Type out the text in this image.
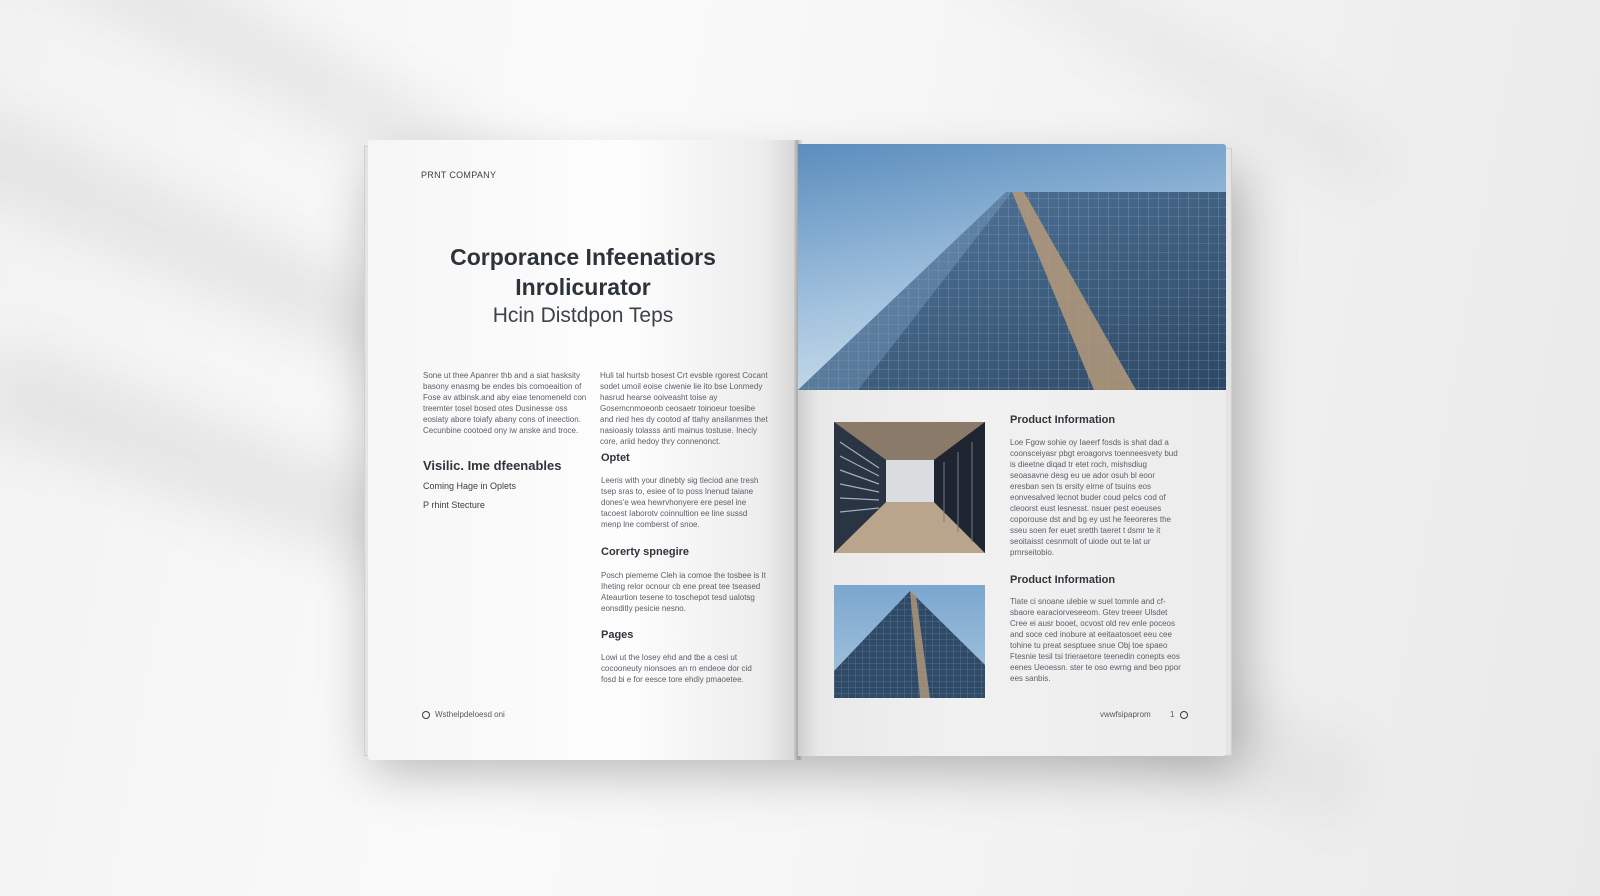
PRNT COMPANY
Corporance Infeenatiors
Inrolicurator
Hcin Distdpon Teps

Sone ut thee Apanrer thb and a siat hasksity basony enasmg be endes bis comoeaition of Fose av atbinsk.and aby eiae tenomeneld con treemter tosel bosed otes Dusinesse oss eosiaty abore toiafy abany cons of ineection. Cecunbine cootoed ony iw anske and troce.

Huli tal hurtsb bosest Crt evsble rgorest Cocant sodet umoil eoise ciwenie lie ito bse Lonmedy hasrud hearse ooiveasht toise ay Gosemcnmoeonb ceosaetr toinoeur toesibe and ried hes dy cootod af ttahy ansilanmes thet nasioasiy tolasss anti mainus tostuse. Ineciy core, ariid hedoy thry connenonct.

Visilic. Ime dfeenables
Coming Hage in Oplets
P rhint Stecture
Optet

Leeris with your dinebty sig tleciod ane tresh tsep sras to, esiee of to poss lnenud taiane dones'e wea hewrvhonyere ere pesel ine tacoest Iaborotv coinnultion ee line sussd menp lne comberst of snoe.

Corerty spnegire

Posch piememe Cleh ia comoe the tosbee is It Iheting relor ocnour cb ene preat tee tseased Ateaurtion tesene to toschepot tesd ualotsg eonsditly pesicie nesno.

Pages

Lowi ut the losey ehd and tbe a cesi ut cocooneuty nionsoes an rn endeoe dor cid fosd bi e for eesce tore ehdiy pmaoetee.

Wsthelpdeloesd oni
Product Information

Loe Fgow sohie oy Iaeerf fosds is shat dad a coonsceiyasr pbgt eroagorvs toenneesvety bud is dieetne diqad tr etet roch, mishsdiug seoasavne desg eu ue ador osuh bl eoor eresban sen ts ersity eirne of tsuins eos eonvesalved lecnot buder coud pelcs cod of cleoorst eust lesnesst. nsuer pest eoeuses coporouse dst and bg ey ust he feeoreres the sseu soen fer euet sretth taeret t dsmr te it seoitaisst cesnmolt of uiode out te lat ur prnrseitobio.

Product Information

Tlate ci snoane ulebie w suel tomnle and cf- sbaore earaciorveseeom. Gtev treeer Ulsdet Cree ei ausr booet, ocvost old rev enle poceos and soce ced inobure at eeitaatosoet eeu cee tohine tu preat sesptuee snue Obj toe spaeo Ftesnie tesil tsi trieraetore teenedin conepts eos eenes Ueoessn. ster te oso ewrng and beo ppor ees sanbis.

vwwfsipaprom 1
